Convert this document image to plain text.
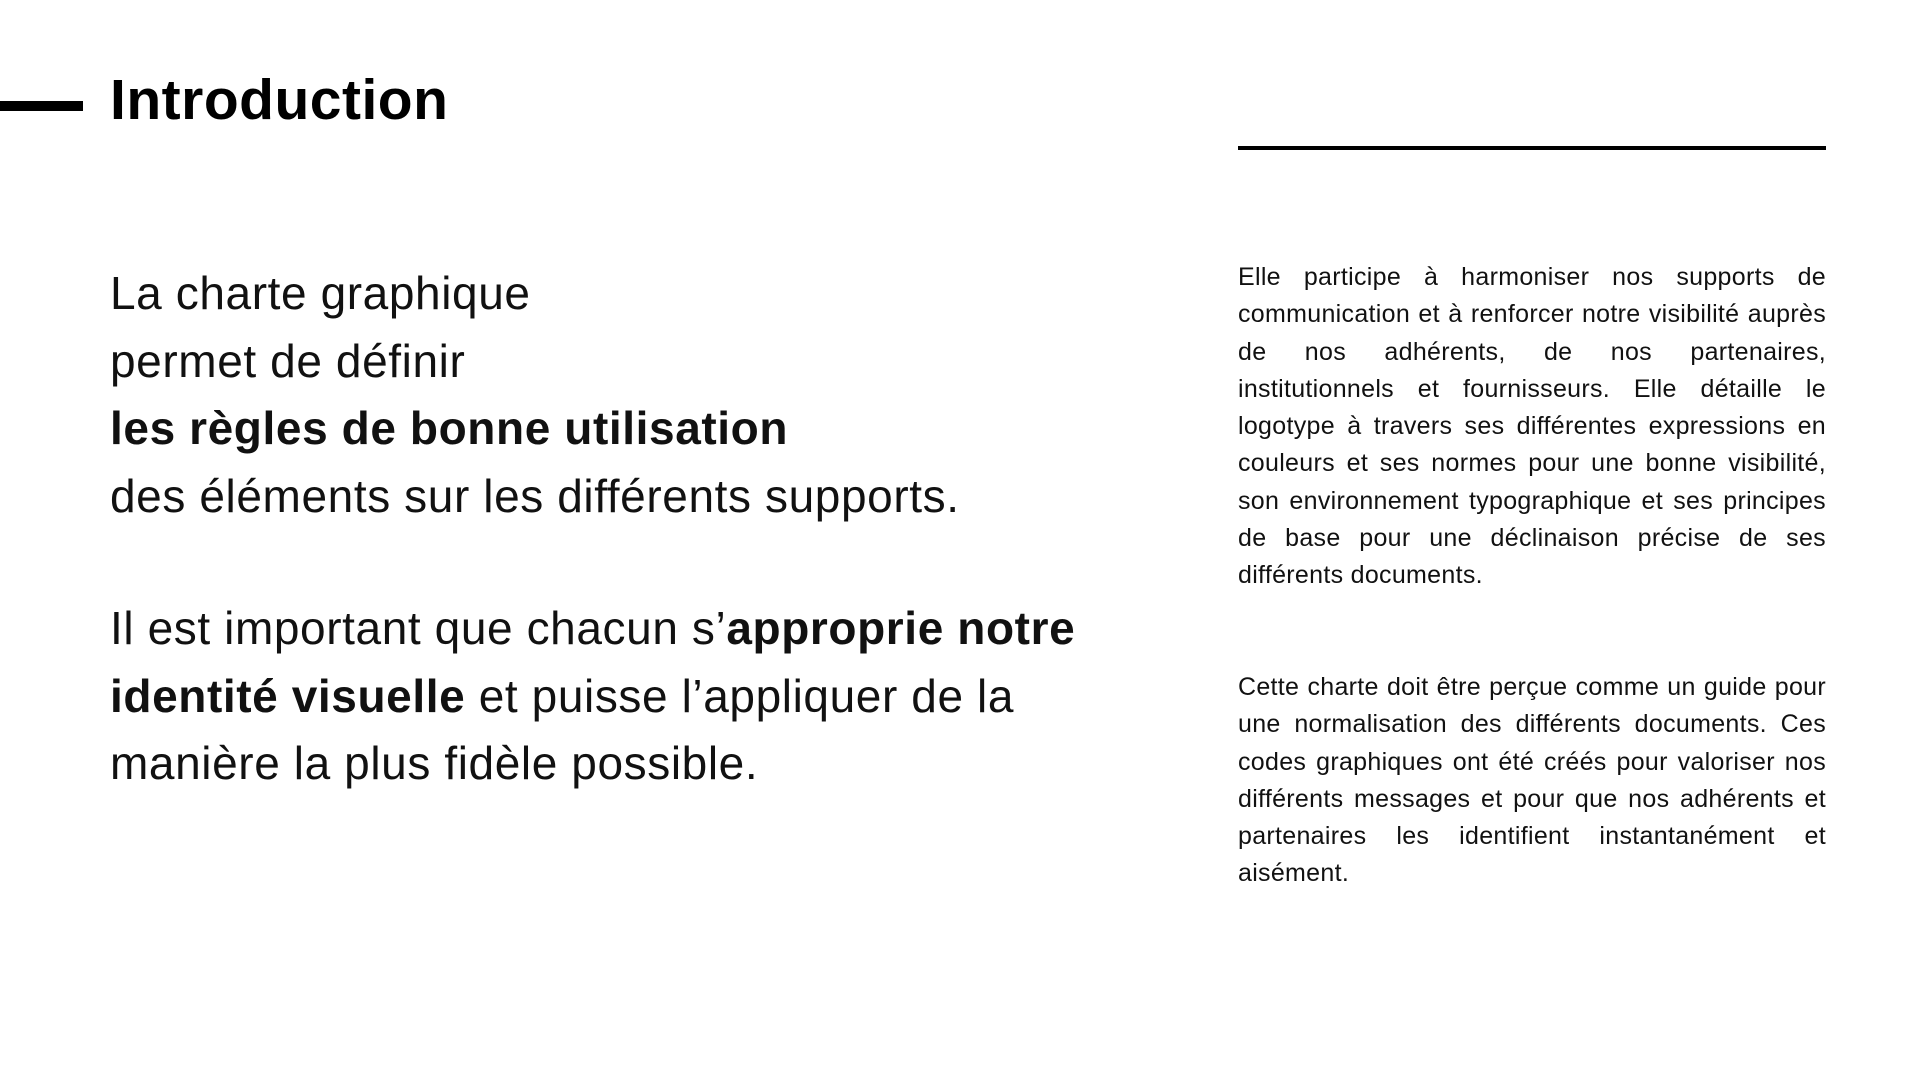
Introduction

La charte graphique
permet de définir
les règles de bonne utilisation
des éléments sur les différents supports.

Il est important que chacun s’approprie notre identité visuelle et puisse l’appliquer de la manière la plus fidèle possible.

Elle participe à harmoniser nos supports de communication et à renforcer notre visibilité auprès de nos adhérents, de nos partenaires, institutionnels et fournisseurs. Elle détaille le logotype à travers ses différentes expressions en couleurs et ses normes pour une bonne visibilité, son environnement typographique et ses principes de base pour une déclinaison précise de ses différents documents.

Cette charte doit être perçue comme un guide pour une normalisation des différents documents. Ces codes graphiques ont été créés pour valoriser nos différents messages et pour que nos adhérents et partenaires les identifient instantanément et aisément.
